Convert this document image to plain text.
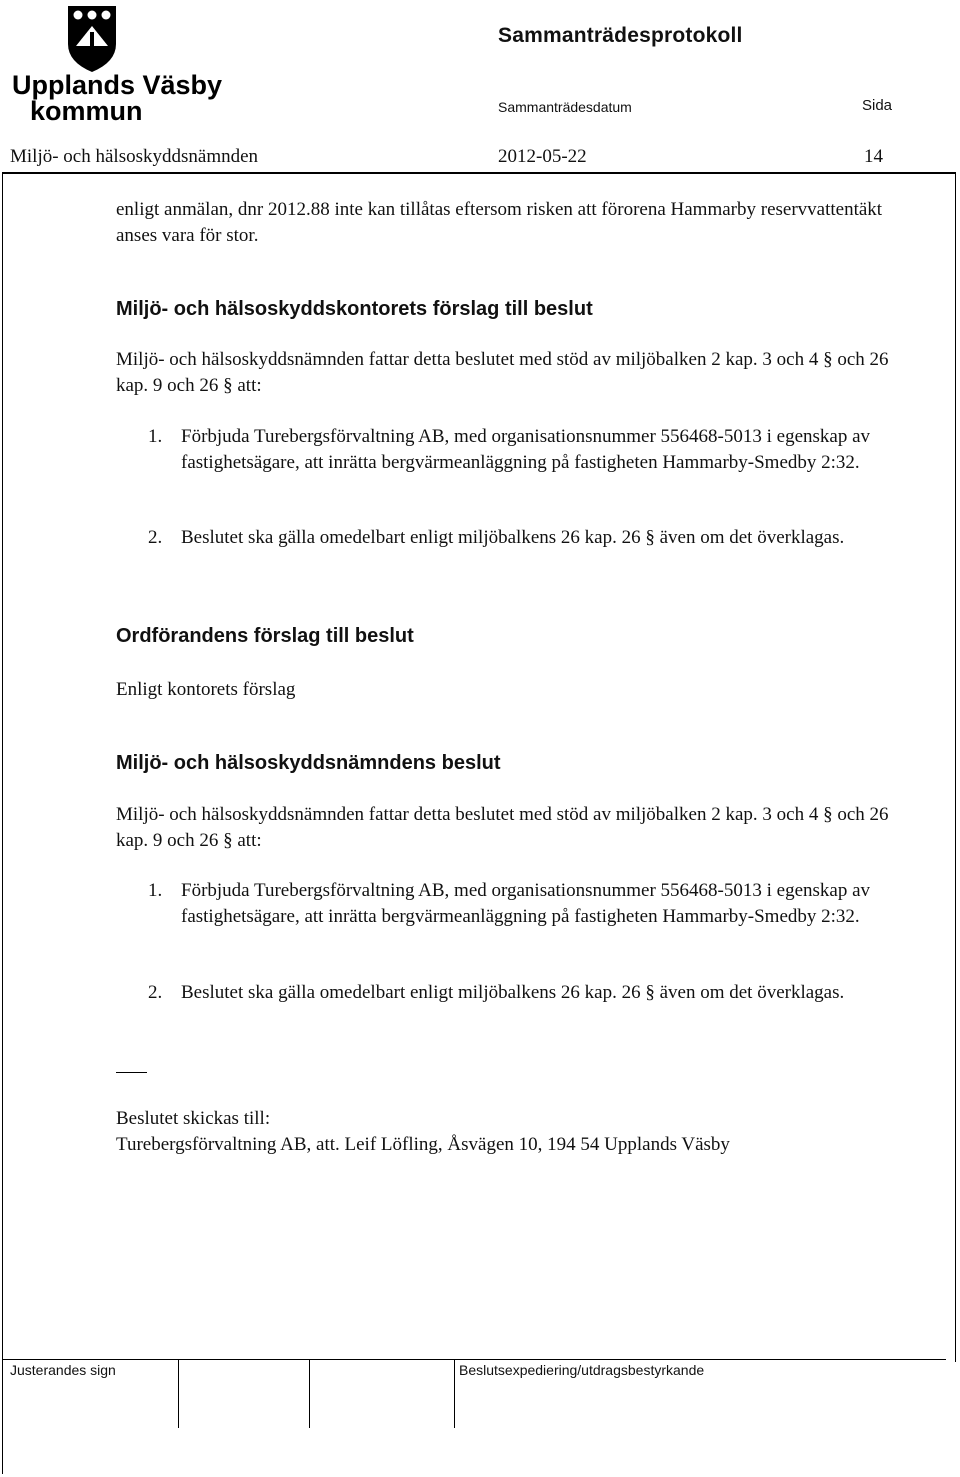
Upplands Väsby
kommun
Sammanträdesprotokoll
Sammanträdesdatum	Sida
Miljö- och hälsoskyddsnämnden	2012-05-22	14
enligt anmälan, dnr 2012.88 inte kan tillåtas eftersom risken att förorena Hammarby reservvattentäkt anses vara för stor.
Miljö- och hälsoskyddskontorets förslag till beslut
Miljö- och hälsoskyddsnämnden fattar detta beslutet med stöd av miljöbalken 2 kap. 3 och 4 § och 26 kap. 9 och 26 § att:
1. Förbjuda Turebergsförvaltning AB, med organisationsnummer 556468-5013 i egenskap av fastighetsägare, att inrätta bergvärmeanläggning på fastigheten Hammarby-Smedby 2:32.
2. Beslutet ska gälla omedelbart enligt miljöbalkens 26 kap. 26 § även om det överklagas.
Ordförandens förslag till beslut
Enligt kontorets förslag
Miljö- och hälsoskyddsnämndens beslut
Miljö- och hälsoskyddsnämnden fattar detta beslutet med stöd av miljöbalken 2 kap. 3 och 4 § och 26 kap. 9 och 26 § att:
1. Förbjuda Turebergsförvaltning AB, med organisationsnummer 556468-5013 i egenskap av fastighetsägare, att inrätta bergvärmeanläggning på fastigheten Hammarby-Smedby 2:32.
2. Beslutet ska gälla omedelbart enligt miljöbalkens 26 kap. 26 § även om det överklagas.
Beslutet skickas till:
Turebergsförvaltning AB, att. Leif Löfling, Åsvägen 10, 194 54 Upplands Väsby
Justerandes sign	Beslutsexpediering/utdragsbestyrkande
